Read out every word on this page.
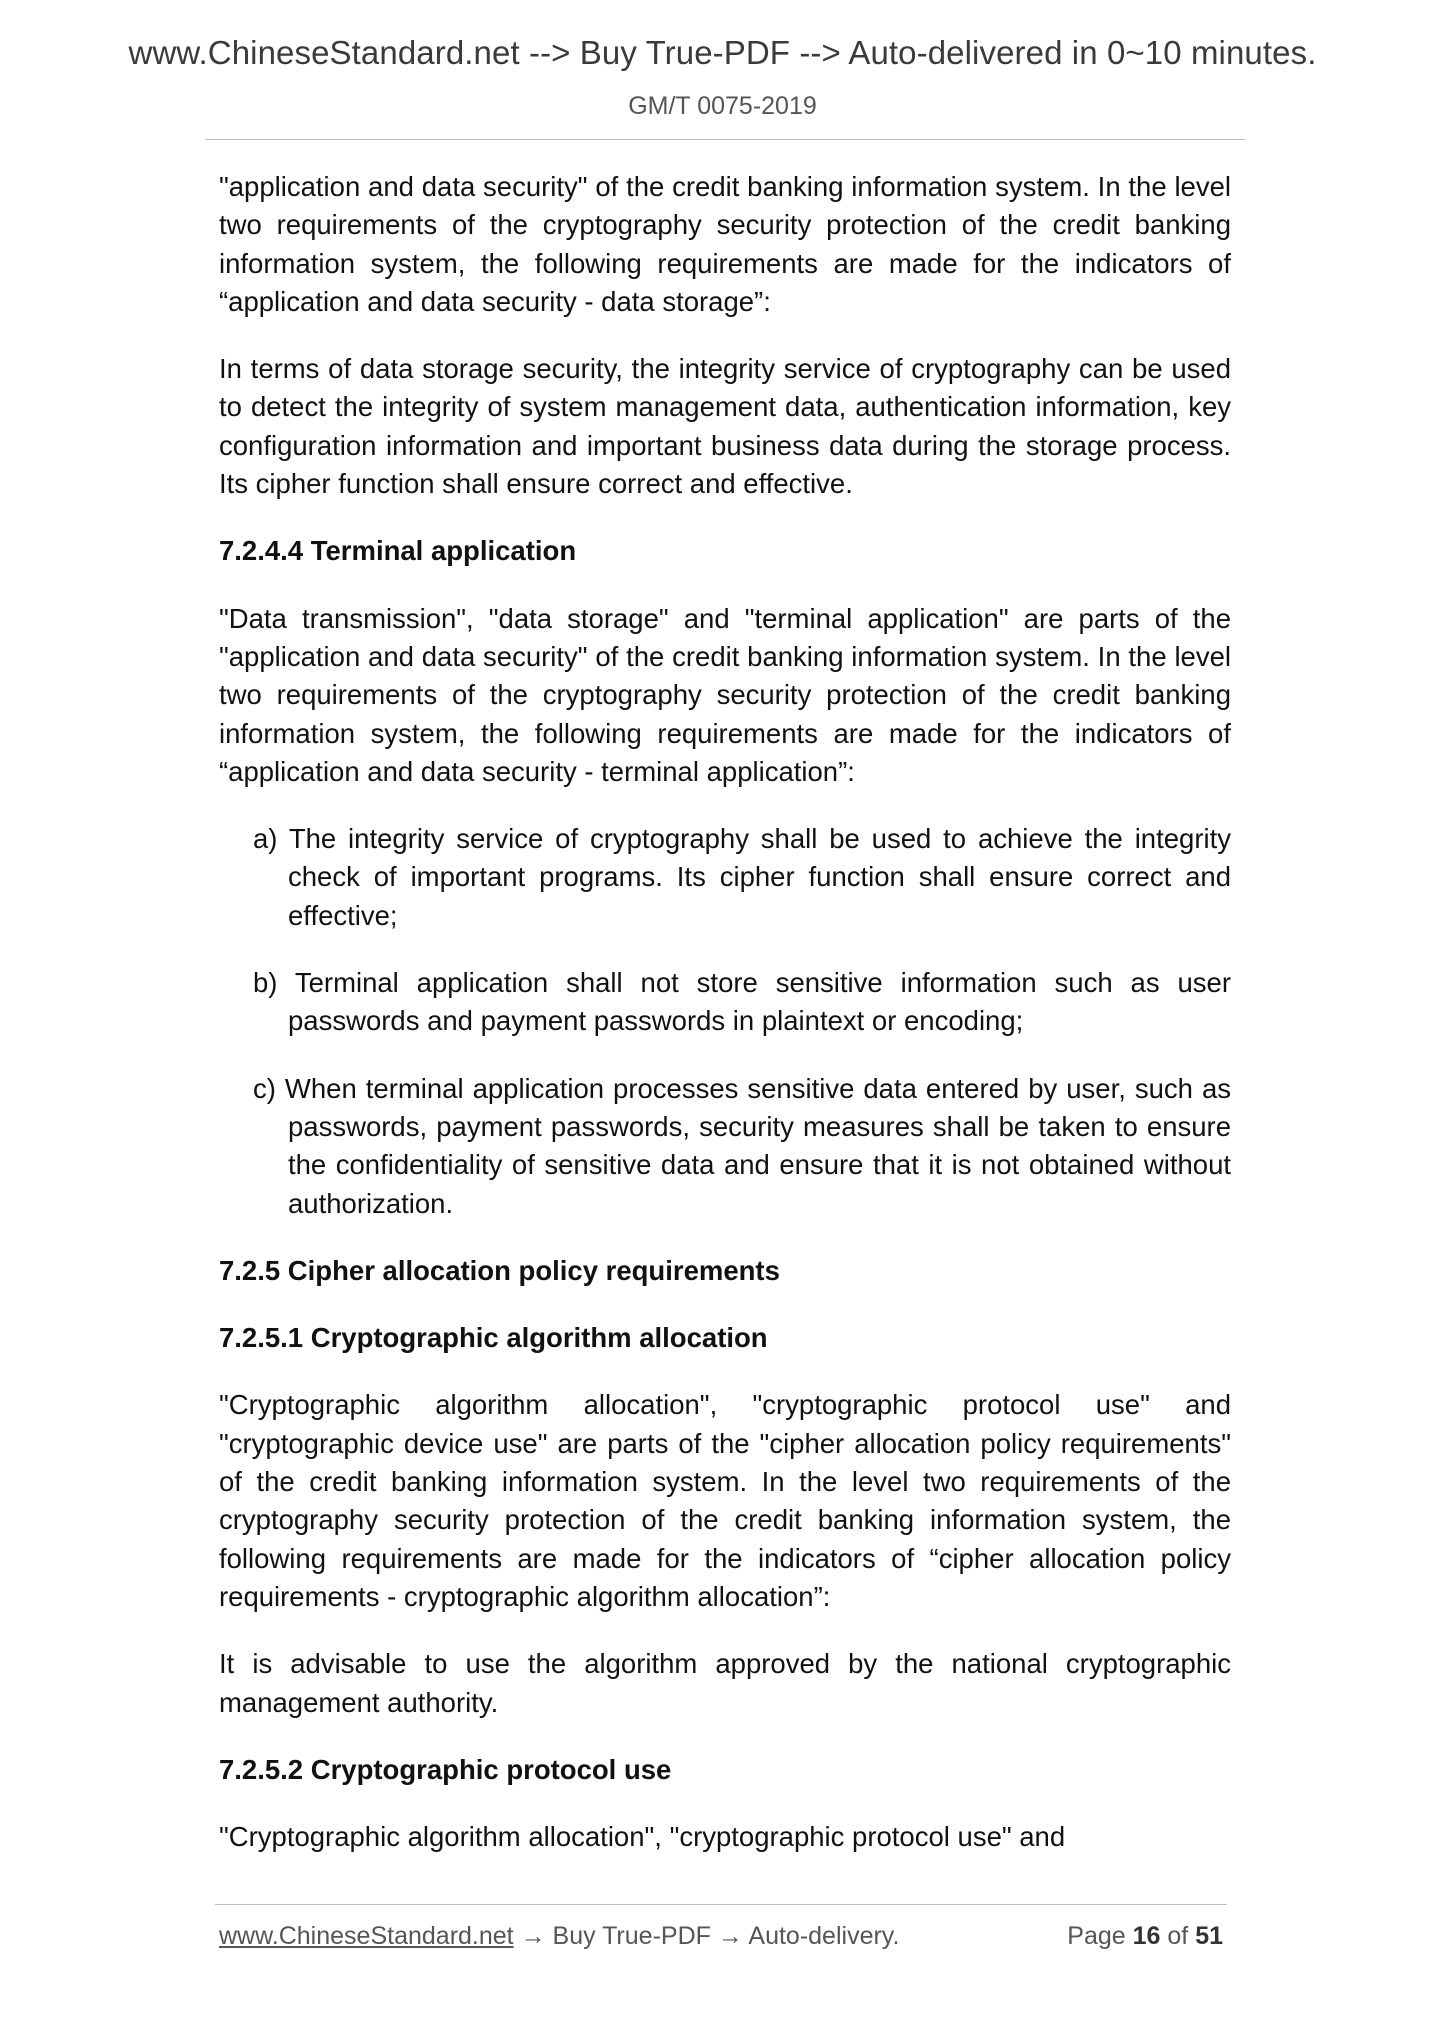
www.ChineseStandard.net --> Buy True-PDF --> Auto-delivered in 0~10 minutes.
GM/T 0075-2019

"application and data security" of the credit banking information system. In the level two requirements of the cryptography security protection of the credit banking information system, the following requirements are made for the indicators of “application and data security - data storage”:

In terms of data storage security, the integrity service of cryptography can be used to detect the integrity of system management data, authentication information, key configuration information and important business data during the storage process. Its cipher function shall ensure correct and effective.

7.2.4.4 Terminal application

"Data transmission", "data storage" and "terminal application" are parts of the "application and data security" of the credit banking information system. In the level two requirements of the cryptography security protection of the credit banking information system, the following requirements are made for the indicators of “application and data security - terminal application”:

a) The integrity service of cryptography shall be used to achieve the integrity check of important programs. Its cipher function shall ensure correct and effective;
b) Terminal application shall not store sensitive information such as user passwords and payment passwords in plaintext or encoding;
c) When terminal application processes sensitive data entered by user, such as passwords, payment passwords, security measures shall be taken to ensure the confidentiality of sensitive data and ensure that it is not obtained without authorization.
7.2.5 Cipher allocation policy requirements
7.2.5.1 Cryptographic algorithm allocation

"Cryptographic algorithm allocation", "cryptographic protocol use" and "cryptographic device use" are parts of the "cipher allocation policy requirements" of the credit banking information system. In the level two requirements of the cryptography security protection of the credit banking information system, the following requirements are made for the indicators of “cipher allocation policy requirements - cryptographic algorithm allocation”:

It is advisable to use the algorithm approved by the national cryptographic management authority.

7.2.5.2 Cryptographic protocol use

"Cryptographic algorithm allocation", "cryptographic protocol use" and

www.ChineseStandard.net → Buy True-PDF → Auto-delivery.	Page 16 of 51
